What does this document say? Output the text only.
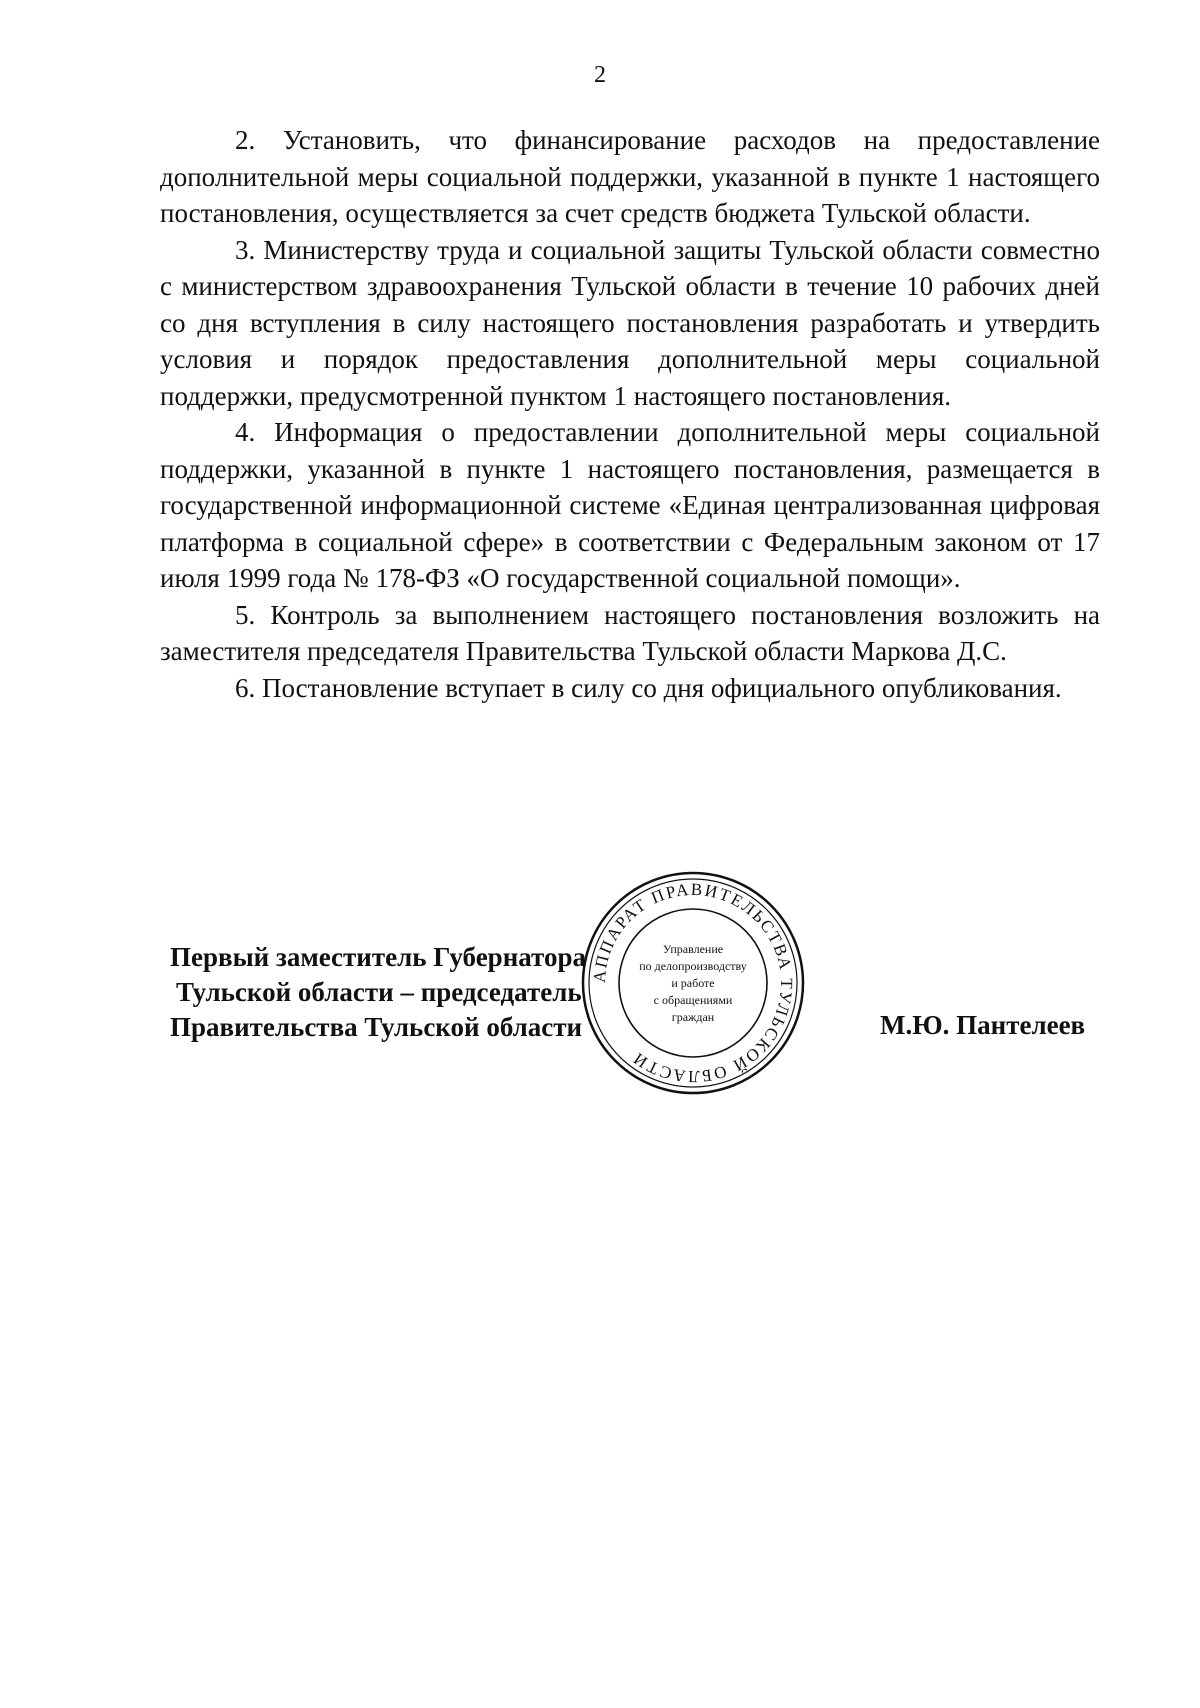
2

2. Установить, что финансирование расходов на предоставление дополнительной меры социальной поддержки, указанной в пункте 1 настоящего постановления, осуществляется за счет средств бюджета Тульской области.

3. Министерству труда и социальной защиты Тульской области совместно с министерством здравоохранения Тульской области в течение 10 рабочих дней со дня вступления в силу настоящего постановления разработать и утвердить условия и порядок предоставления дополнительной меры социальной поддержки, предусмотренной пунктом 1 настоящего постановления.

4. Информация о предоставлении дополнительной меры социальной поддержки, указанной в пункте 1 настоящего постановления, размещается в государственной информационной системе «Единая централизованная цифровая платформа в социальной сфере» в соответствии с Федеральным законом от 17 июля 1999 года № 178-ФЗ «О государственной социальной помощи».

5. Контроль за выполнением настоящего постановления возложить на заместителя председателя Правительства Тульской области Маркова Д.С.

6. Постановление вступает в силу со дня официального опубликования.

Первый заместитель Губернатора
Тульской области – председатель
Правительства Тульской области
АППАРАТ ПРАВИТЕЛЬСТВА ТУЛЬСКОЙ ОБЛАСТИ
Управление
по делопроизводству
и работе
с обращениями
граждан	М.Ю. Пантелеев
